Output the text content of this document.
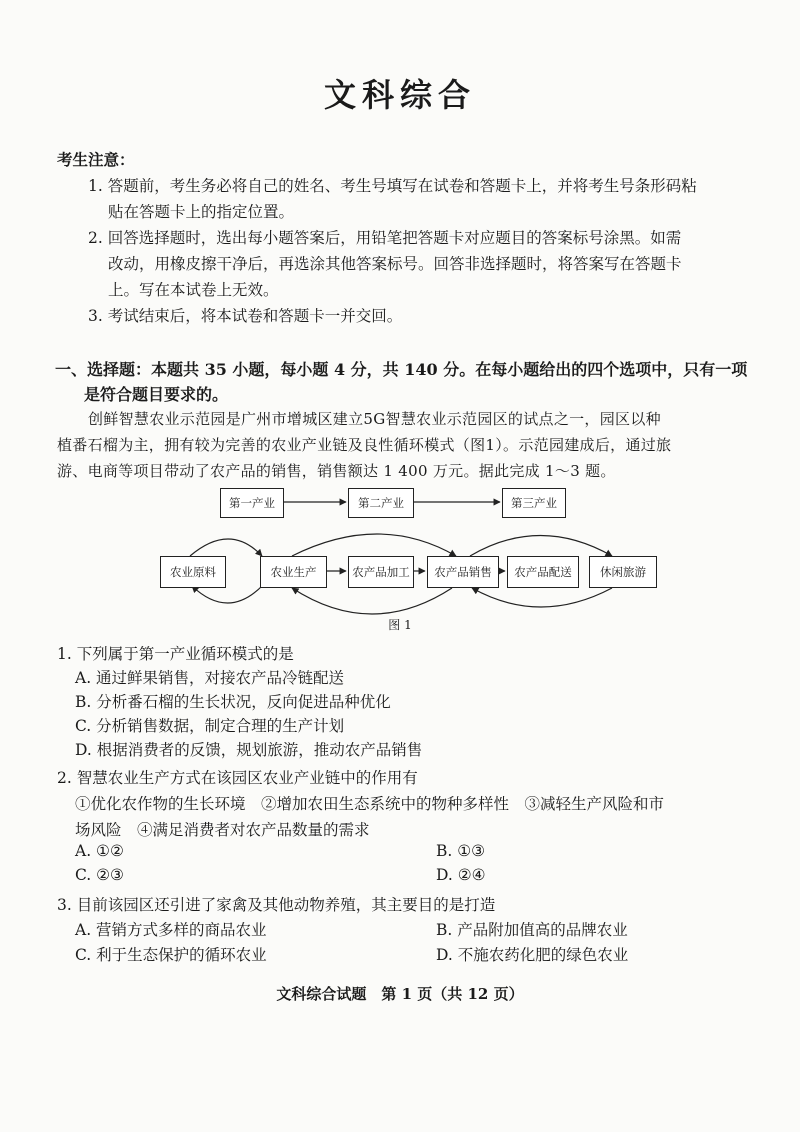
文科综合
考生注意：
1. 答题前，考生务必将自己的姓名、考生号填写在试卷和答题卡上，并将考生号条形码粘
贴在答题卡上的指定位置。
2. 回答选择题时，选出每小题答案后，用铅笔把答题卡对应题目的答案标号涂黑。如需
改动，用橡皮擦干净后，再选涂其他答案标号。回答非选择题时，将答案写在答题卡
上。写在本试卷上无效。
3. 考试结束后，将本试卷和答题卡一并交回。
一、选择题：本题共 35 小题，每小题 4 分，共 140 分。在每小题给出的四个选项中，只有一项
是符合题目要求的。
创鲜智慧农业示范园是广州市增城区建立5G智慧农业示范园区的试点之一，园区以种
植番石榴为主，拥有较为完善的农业产业链及良性循环模式（图1）。示范园建成后，通过旅
游、电商等项目带动了农产品的销售，销售额达 1 400 万元。据此完成 1～3 题。
第一产业	第二产业	第三产业
农业原料	农业生产	农产品加工	农产品销售	农产品配送	休闲旅游
图 1
1. 下列属于第一产业循环模式的是
A. 通过鲜果销售，对接农产品冷链配送
B. 分析番石榴的生长状况，反向促进品种优化
C. 分析销售数据，制定合理的生产计划
D. 根据消费者的反馈，规划旅游，推动农产品销售
2. 智慧农业生产方式在该园区农业产业链中的作用有
①优化农作物的生长环境　②增加农田生态系统中的物种多样性　③减轻生产风险和市
场风险　④满足消费者对农产品数量的需求
A. ①②	B. ①③
C. ②③	D. ②④
3. 目前该园区还引进了家禽及其他动物养殖，其主要目的是打造
A. 营销方式多样的商品农业	B. 产品附加值高的品牌农业
C. 利于生态保护的循环农业	D. 不施农药化肥的绿色农业
文科综合试题　第 1 页（共 12 页）
